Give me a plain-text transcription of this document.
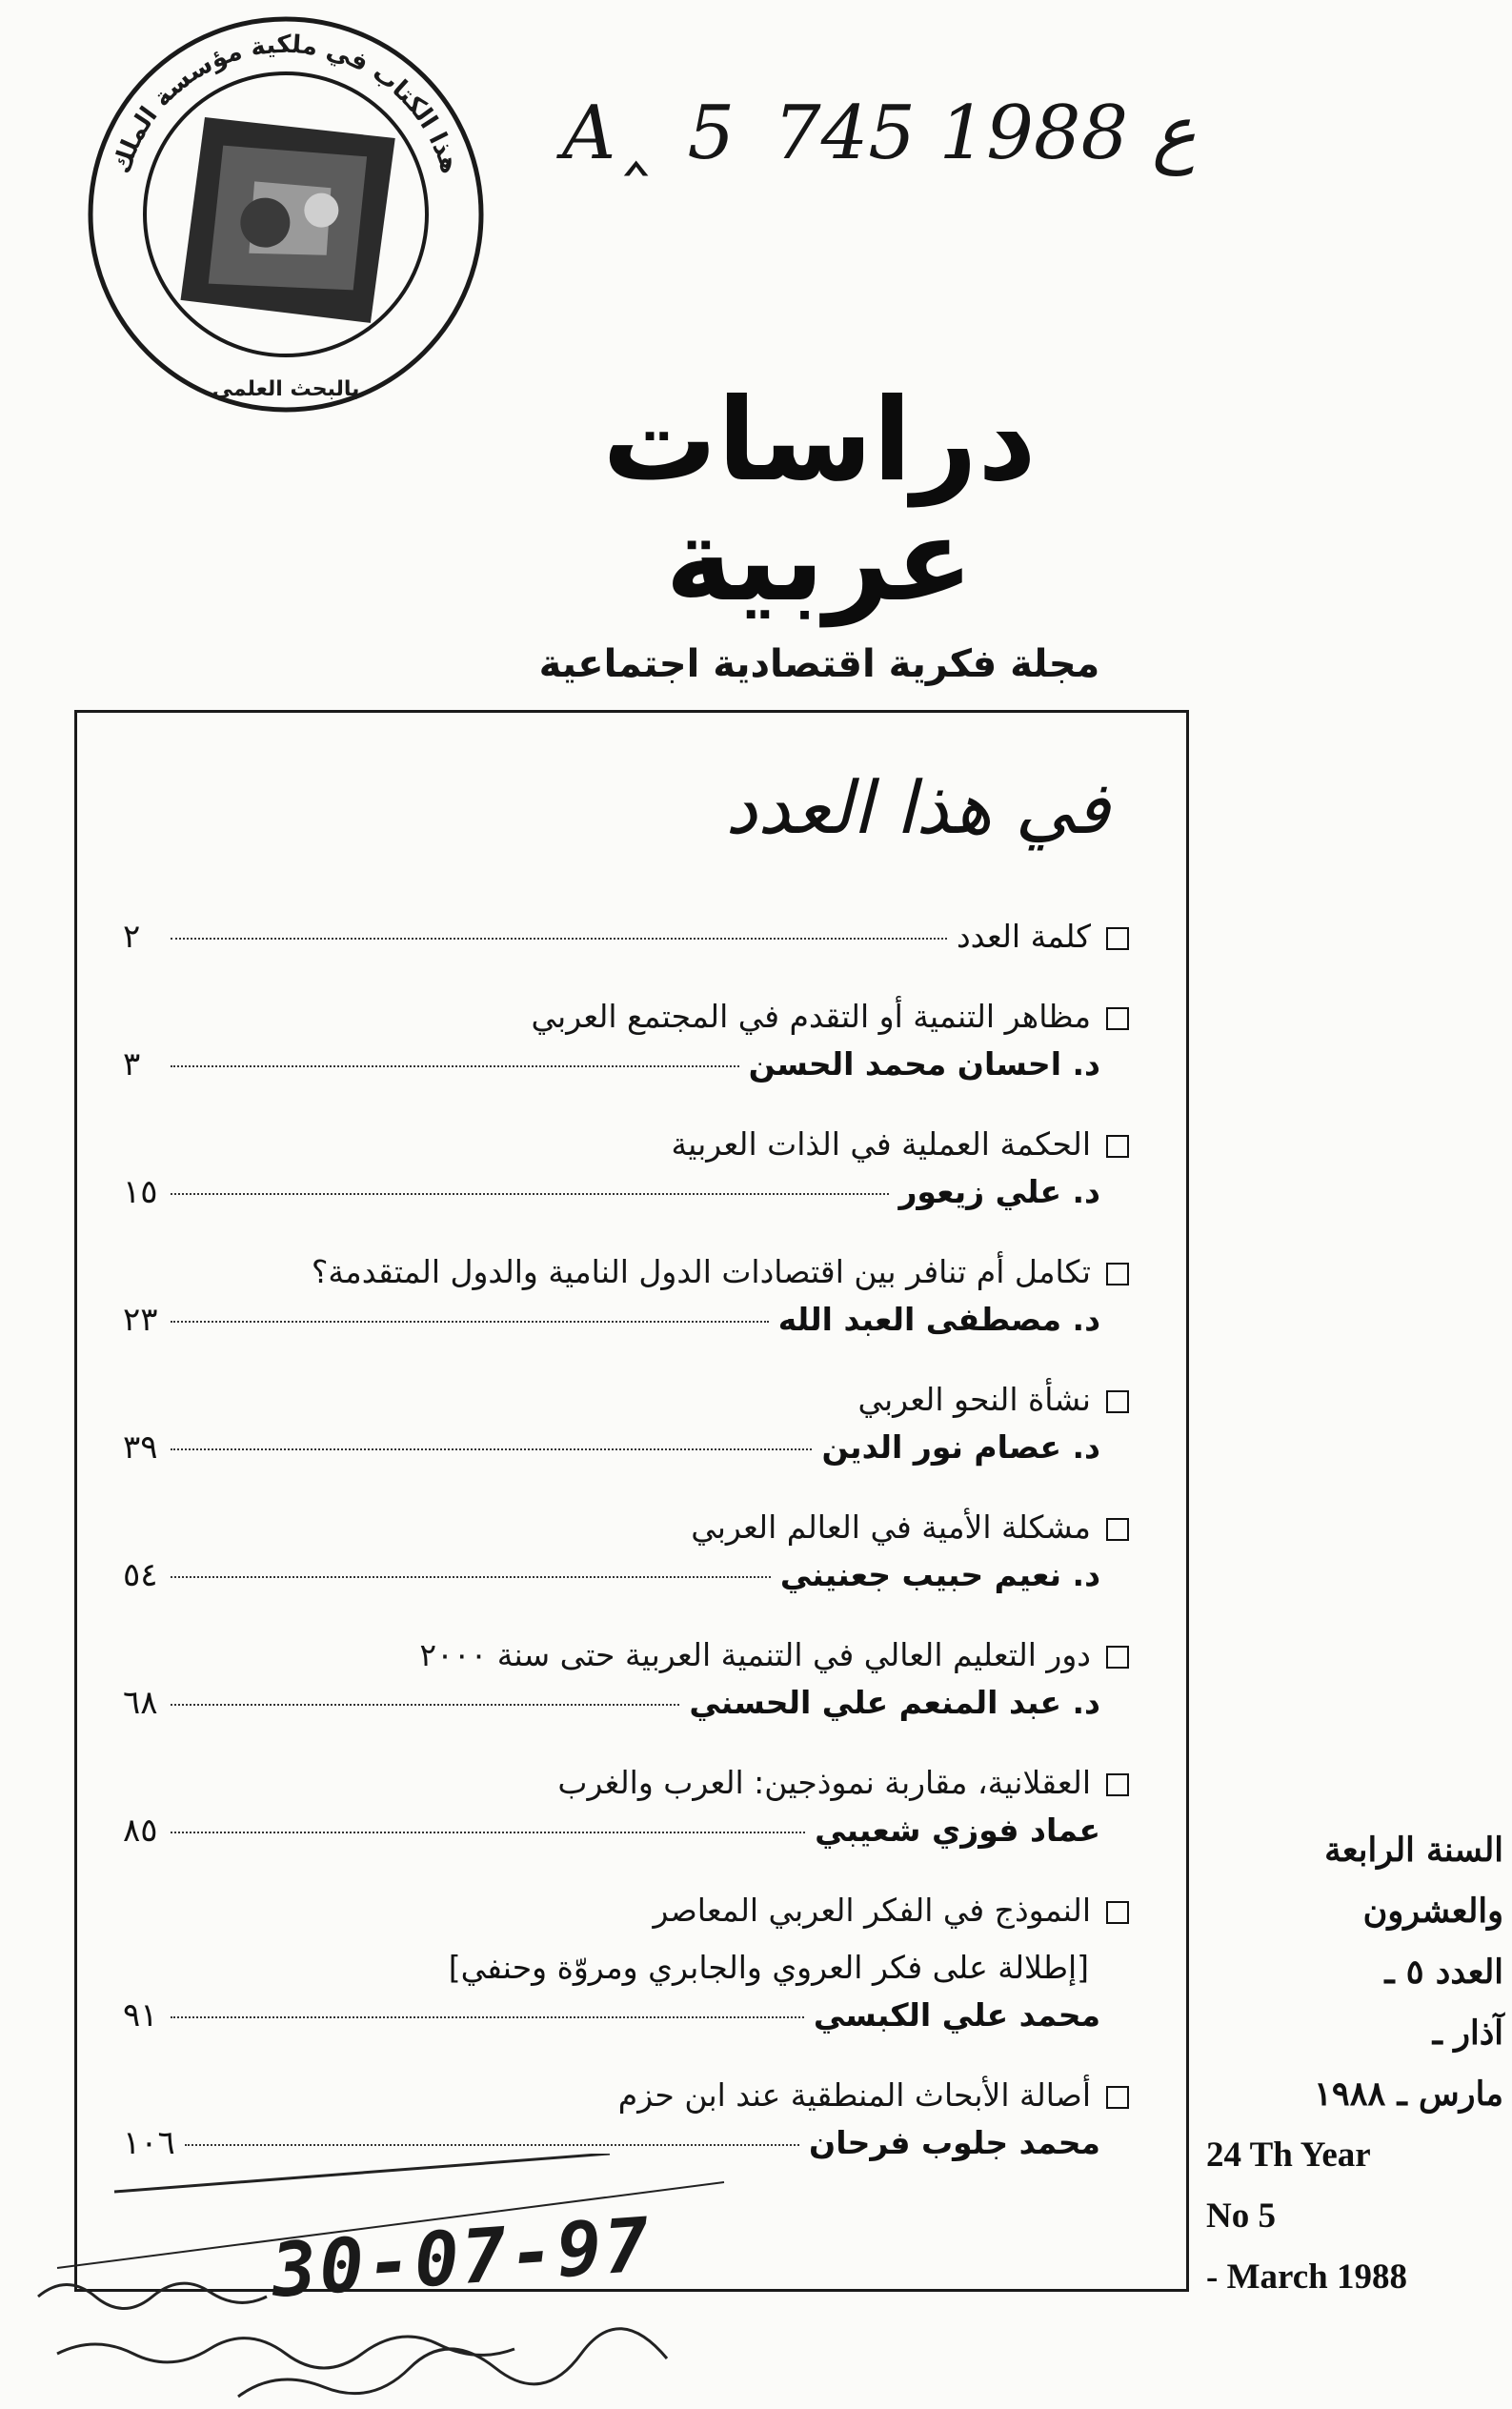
هذا الكتاب في ملكية مؤسسة الملك
بالبحث العلمي
A‸ 5 ع 1988 745
دراسات عربية
مجلة فكرية اقتصادية اجتماعية
في هذا العدد
كلمة العدد
٢
مظاهر التنمية أو التقدم في المجتمع العربي
د. احسان محمد الحسن
٣
الحكمة العملية في الذات العربية
د. علي زيعور
١٥
تكامل أم تنافر بين اقتصادات الدول النامية والدول المتقدمة؟
د. مصطفى العبد الله
٢٣
نشأة النحو العربي
د. عصام نور الدين
٣٩
مشكلة الأمية في العالم العربي
د. نعيم حبيب جعنيني
٥٤
دور التعليم العالي في التنمية العربية حتى سنة ٢٠٠٠
د. عبد المنعم علي الحسني
٦٨
العقلانية، مقاربة نموذجين: العرب والغرب
عماد فوزي شعيبي
٨٥
النموذج في الفكر العربي المعاصر
[إطلالة على فكر العروي والجابري ومروّة وحنفي]
محمد علي الكبسي
٩١
أصالة الأبحاث المنطقية عند ابن حزم
محمد جلوب فرحان
١٠٦
السنة الرابعة
والعشرون
العدد ٥ ـ
آذار ـ
مارس ـ ١٩٨٨
24 Th Year
No 5
- March 1988
30-07-97
